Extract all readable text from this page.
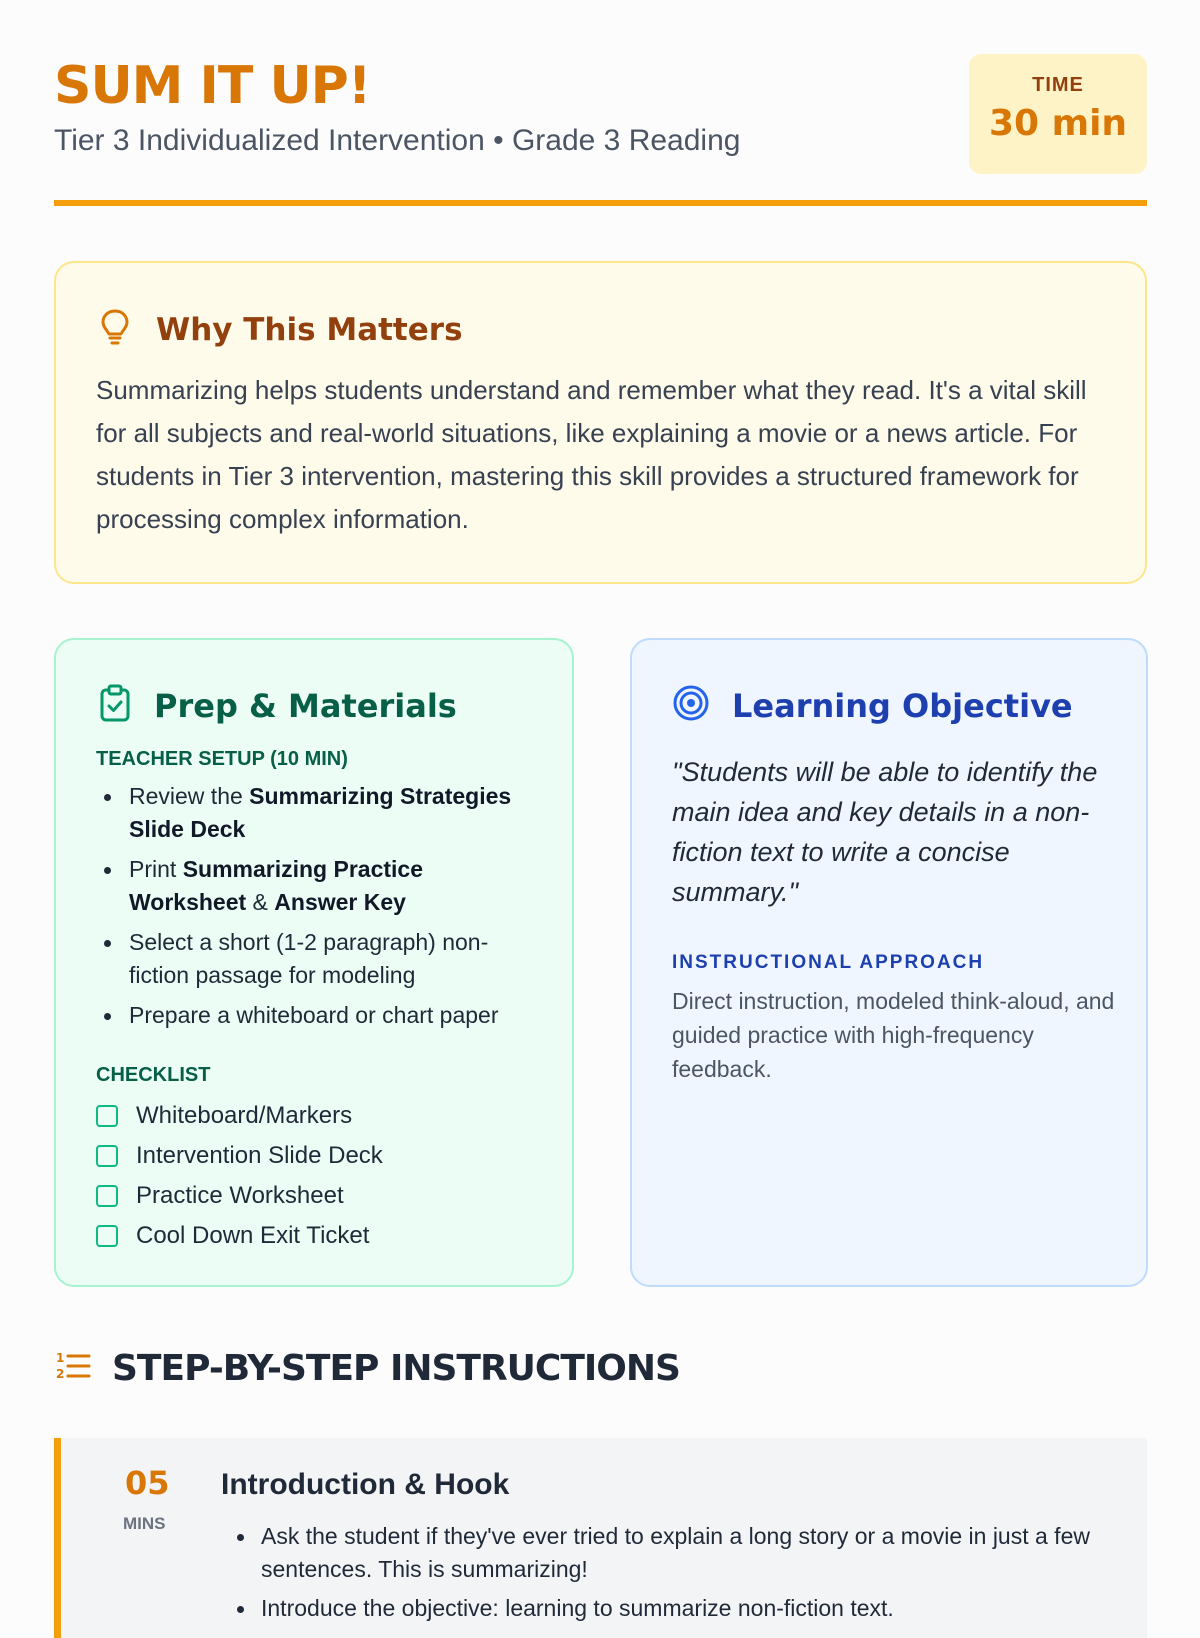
SUM IT UP!
Tier 3 Individualized Intervention • Grade 3 Reading
TIME
30 min
Why This Matters

Summarizing helps students understand and remember what they read. It's a vital skill for all subjects and real-world situations, like explaining a movie or a news article. For students in Tier 3 intervention, mastering this skill provides a structured framework for processing complex information.

Prep & Materials
TEACHER SETUP (10 MIN)
Review the Summarizing Strategies Slide Deck
Print Summarizing Practice Worksheet & Answer Key
Select a short (1-2 paragraph) non-fiction passage for modeling
Prepare a whiteboard or chart paper
CHECKLIST
Whiteboard/Markers
Intervention Slide Deck
Practice Worksheet
Cool Down Exit Ticket
Learning Objective

"Students will be able to identify the main idea and key details in a non-fiction text to write a concise summary."

INSTRUCTIONAL APPROACH

Direct instruction, modeled think-aloud, and guided practice with high-frequency feedback.

1
2 STEP-BY-STEP INSTRUCTIONS
05
MINS
Introduction & Hook
Ask the student if they've ever tried to explain a long story or a movie in just a few sentences. This is summarizing!
Introduce the objective: learning to summarize non-fiction text.
